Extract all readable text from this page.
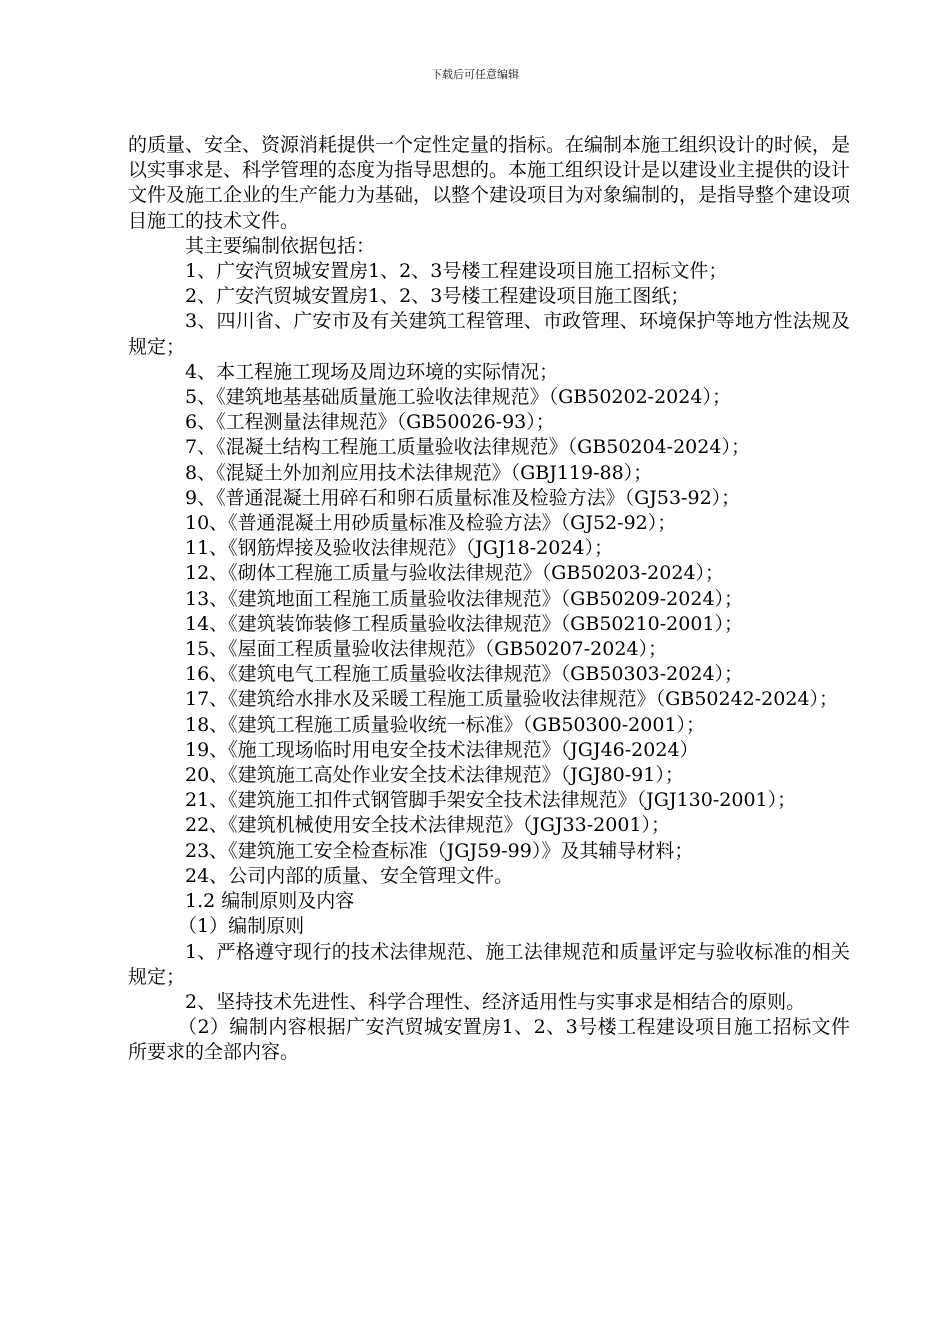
下载后可任意编辑

的质量、安全、资源消耗提供一个定性定量的指标。在编制本施工组织设计的时候，是以实事求是、科学管理的态度为指导思想的。本施工组织设计是以建设业主提供的设计文件及施工企业的生产能力为基础，以整个建设项目为对象编制的，是指导整个建设项目施工的技术文件。

其主要编制依据包括：

1、广安汽贸城安置房1、2、3号楼工程建设项目施工招标文件；

2、广安汽贸城安置房1、2、3号楼工程建设项目施工图纸；

3、四川省、广安市及有关建筑工程管理、市政管理、环境保护等地方性法规及规定；

4、本工程施工现场及周边环境的实际情况；

5、《建筑地基基础质量施工验收法律规范》（GB50202-2024）；

6、《工程测量法律规范》（GB50026-93）；

7、《混凝土结构工程施工质量验收法律规范》（GB50204-2024）；

8、《混疑土外加剂应用技术法律规范》（GBJ119-88）；

9、《普通混凝土用碎石和卵石质量标准及检验方法》（GJ53-92）；

10、《普通混凝土用砂质量标准及检验方法》（GJ52-92）；

11、《钢筋焊接及验收法律规范》（JGJ18-2024）；

12、《砌体工程施工质量与验收法律规范》（GB50203-2024）；

13、《建筑地面工程施工质量验收法律规范》（GB50209-2024）；

14、《建筑装饰装修工程质量验收法律规范》（GB50210-2001）；

15、《屋面工程质量验收法律规范》（GB50207-2024）；

16、《建筑电气工程施工质量验收法律规范》（GB50303-2024）；

17、《建筑给水排水及采暖工程施工质量验收法律规范》（GB50242-2024）；

18、《建筑工程施工质量验收统一标准》（GB50300-2001）；

19、《施工现场临时用电安全技术法律规范》（JGJ46-2024）

20、《建筑施工高处作业安全技术法律规范》（JGJ80-91）；

21、《建筑施工扣件式钢管脚手架安全技术法律规范》（JGJ130-2001）；

22、《建筑机械使用安全技术法律规范》（JGJ33-2001）；

23、《建筑施工安全检查标准（JGJ59-99）》及其辅导材料；

24、公司内部的质量、安全管理文件。

1.2 编制原则及内容

（1）编制原则

1、严格遵守现行的技术法律规范、施工法律规范和质量评定与验收标准的相关规定；

2、坚持技术先进性、科学合理性、经济适用性与实事求是相结合的原则。

（2）编制内容根据广安汽贸城安置房1、2、3号楼工程建设项目施工招标文件所要求的全部内容。
